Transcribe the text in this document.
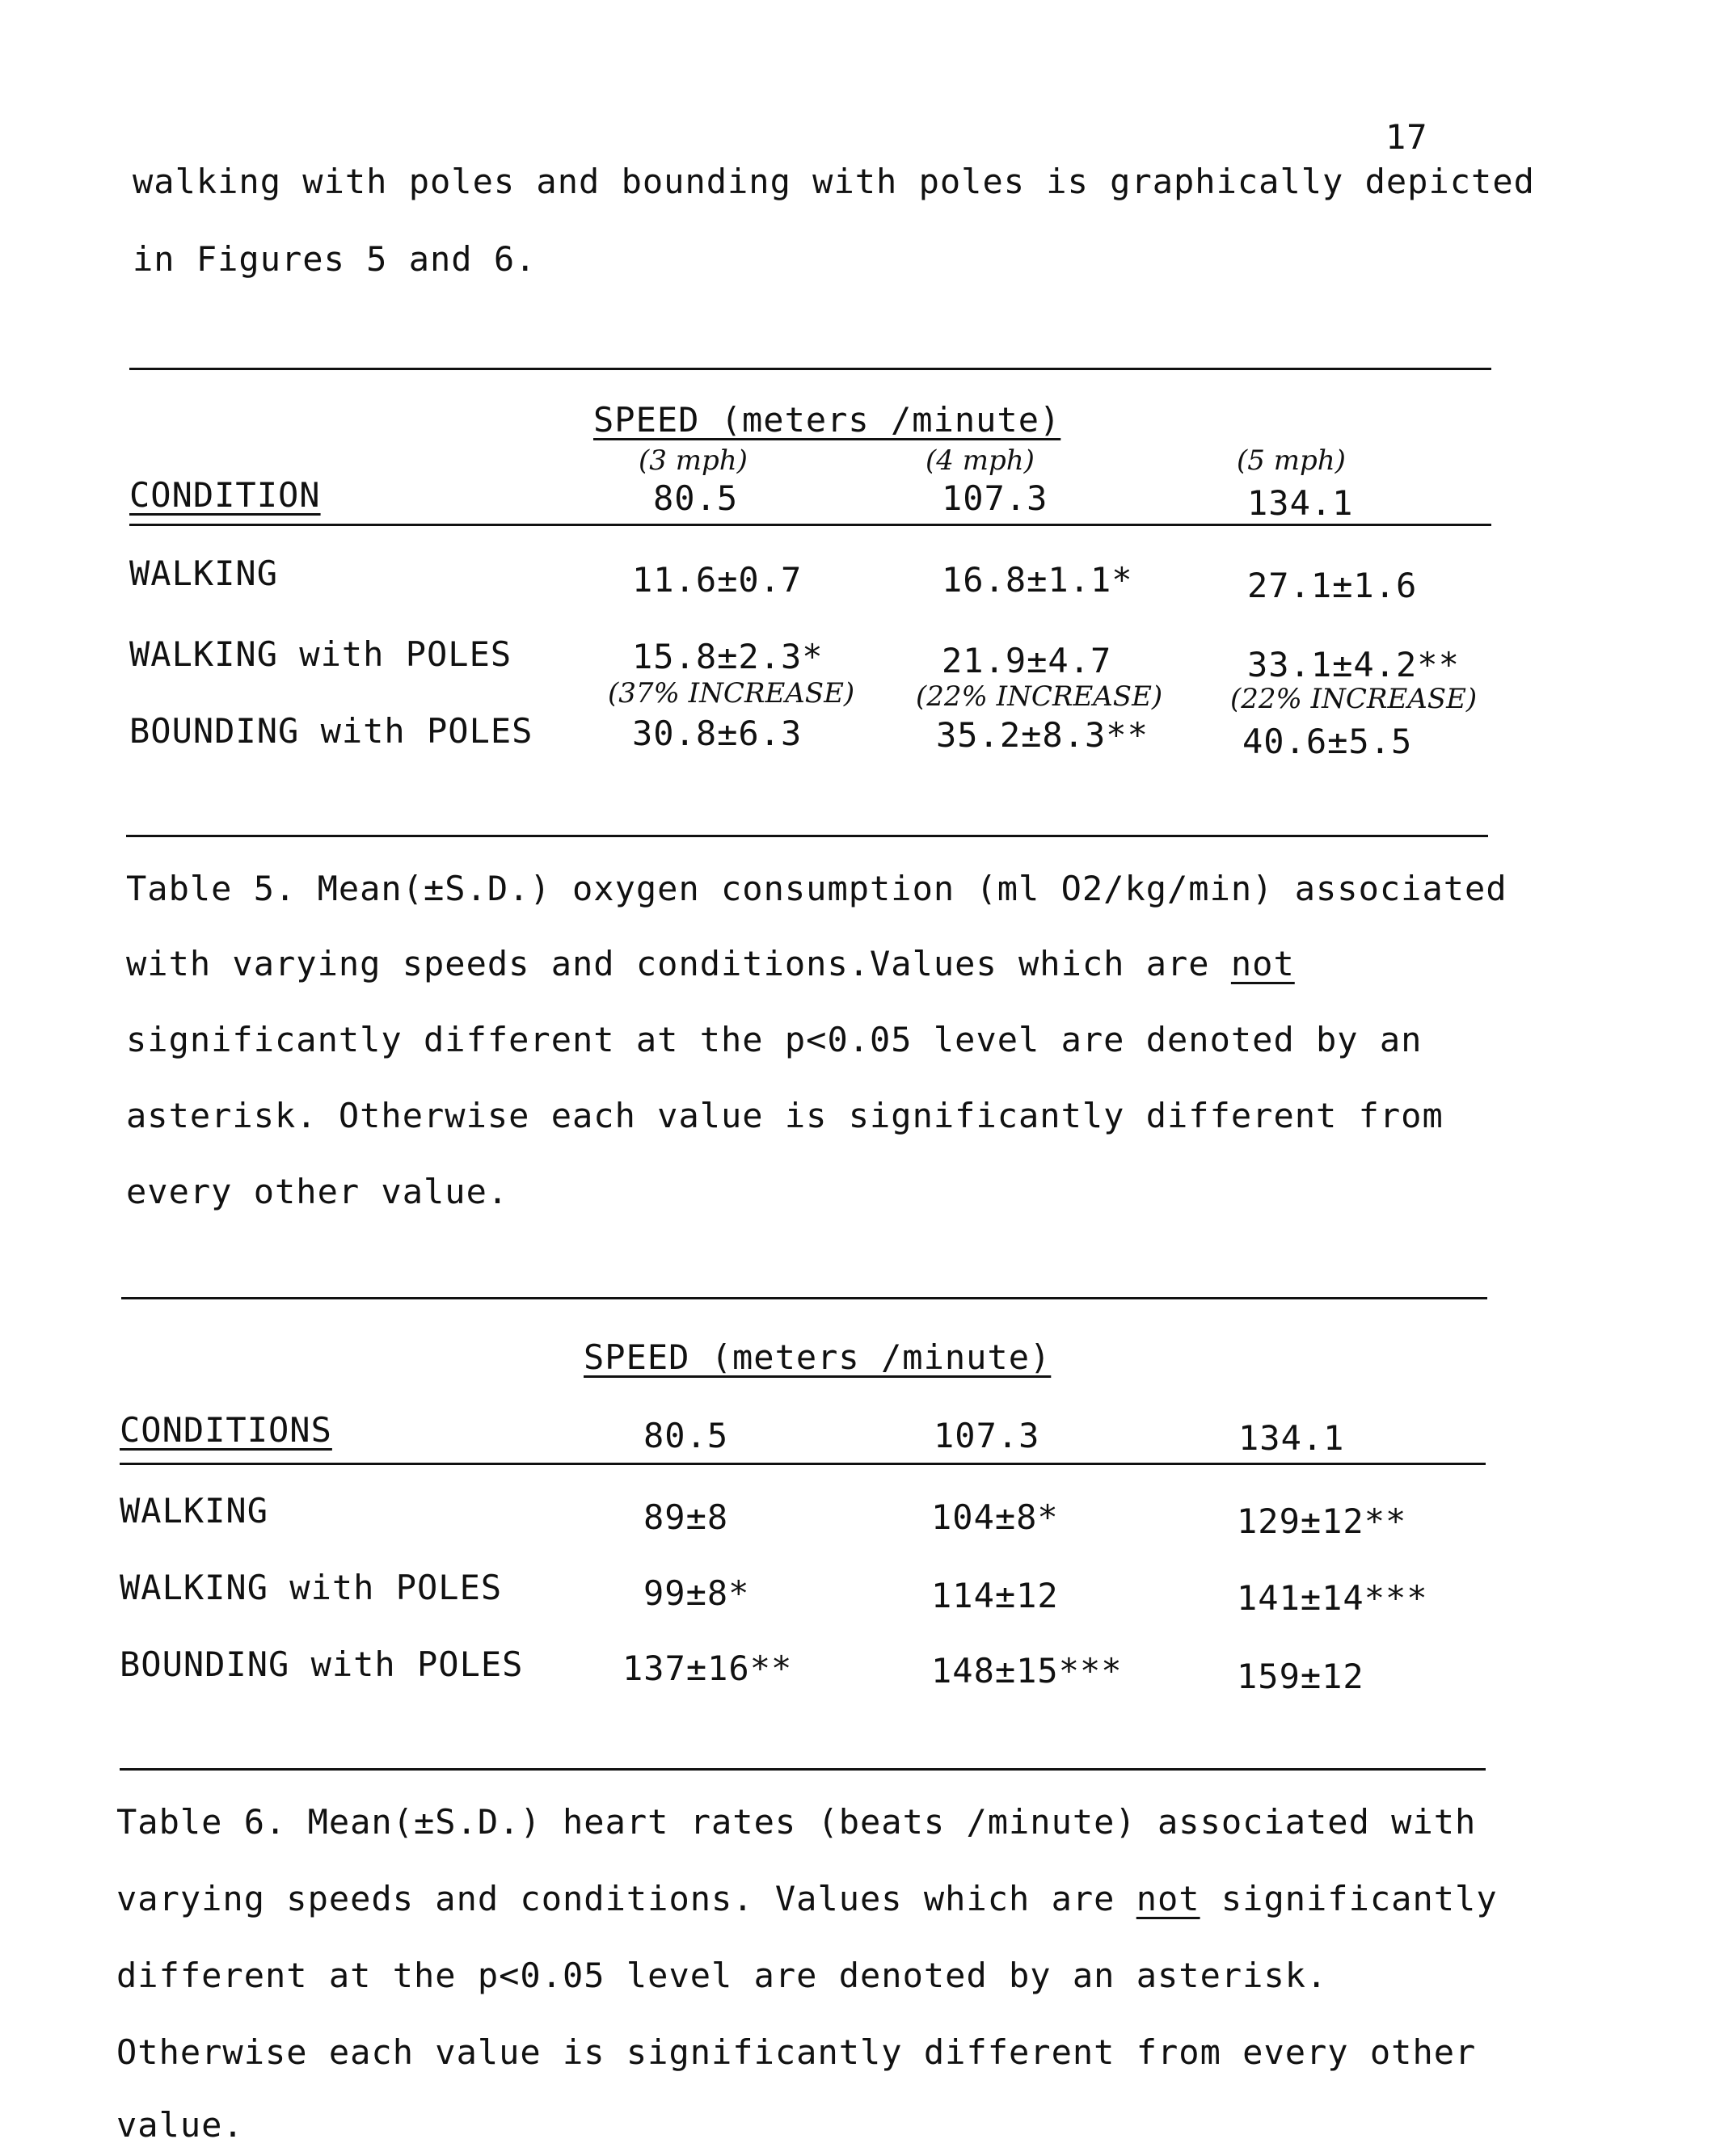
17
walking with poles and bounding with poles is graphically depicted
in Figures 5 and 6.
SPEED (meters /minute)
(3 mph)	(4 mph)	(5 mph)
CONDITION	80.5	107.3	134.1
WALKING	11.6±0.7	16.8±1.1*	27.1±1.6
WALKING with POLES	15.8±2.3*	21.9±4.7	33.1±4.2**
(37% INCREASE) (22% INCREASE) (22% INCREASE)
BOUNDING with POLES	30.8±6.3	35.2±8.3**	40.6±5.5
Table 5. Mean(±S.D.) oxygen consumption (ml O2/kg/min) associated
with varying speeds and conditions.Values which are not
significantly different at the p<0.05 level are denoted by an
asterisk. Otherwise each value is significantly different from
every other value.
SPEED (meters /minute)
CONDITIONS	80.5	107.3	134.1
WALKING	89±8	104±8*	129±12**
WALKING with POLES	99±8*	114±12	141±14***
BOUNDING with POLES	137±16**	148±15***	159±12
Table 6. Mean(±S.D.) heart rates (beats /minute) associated with
varying speeds and conditions. Values which are not significantly
different at the p<0.05 level are denoted by an asterisk.
Otherwise each value is significantly different from every other
value.
